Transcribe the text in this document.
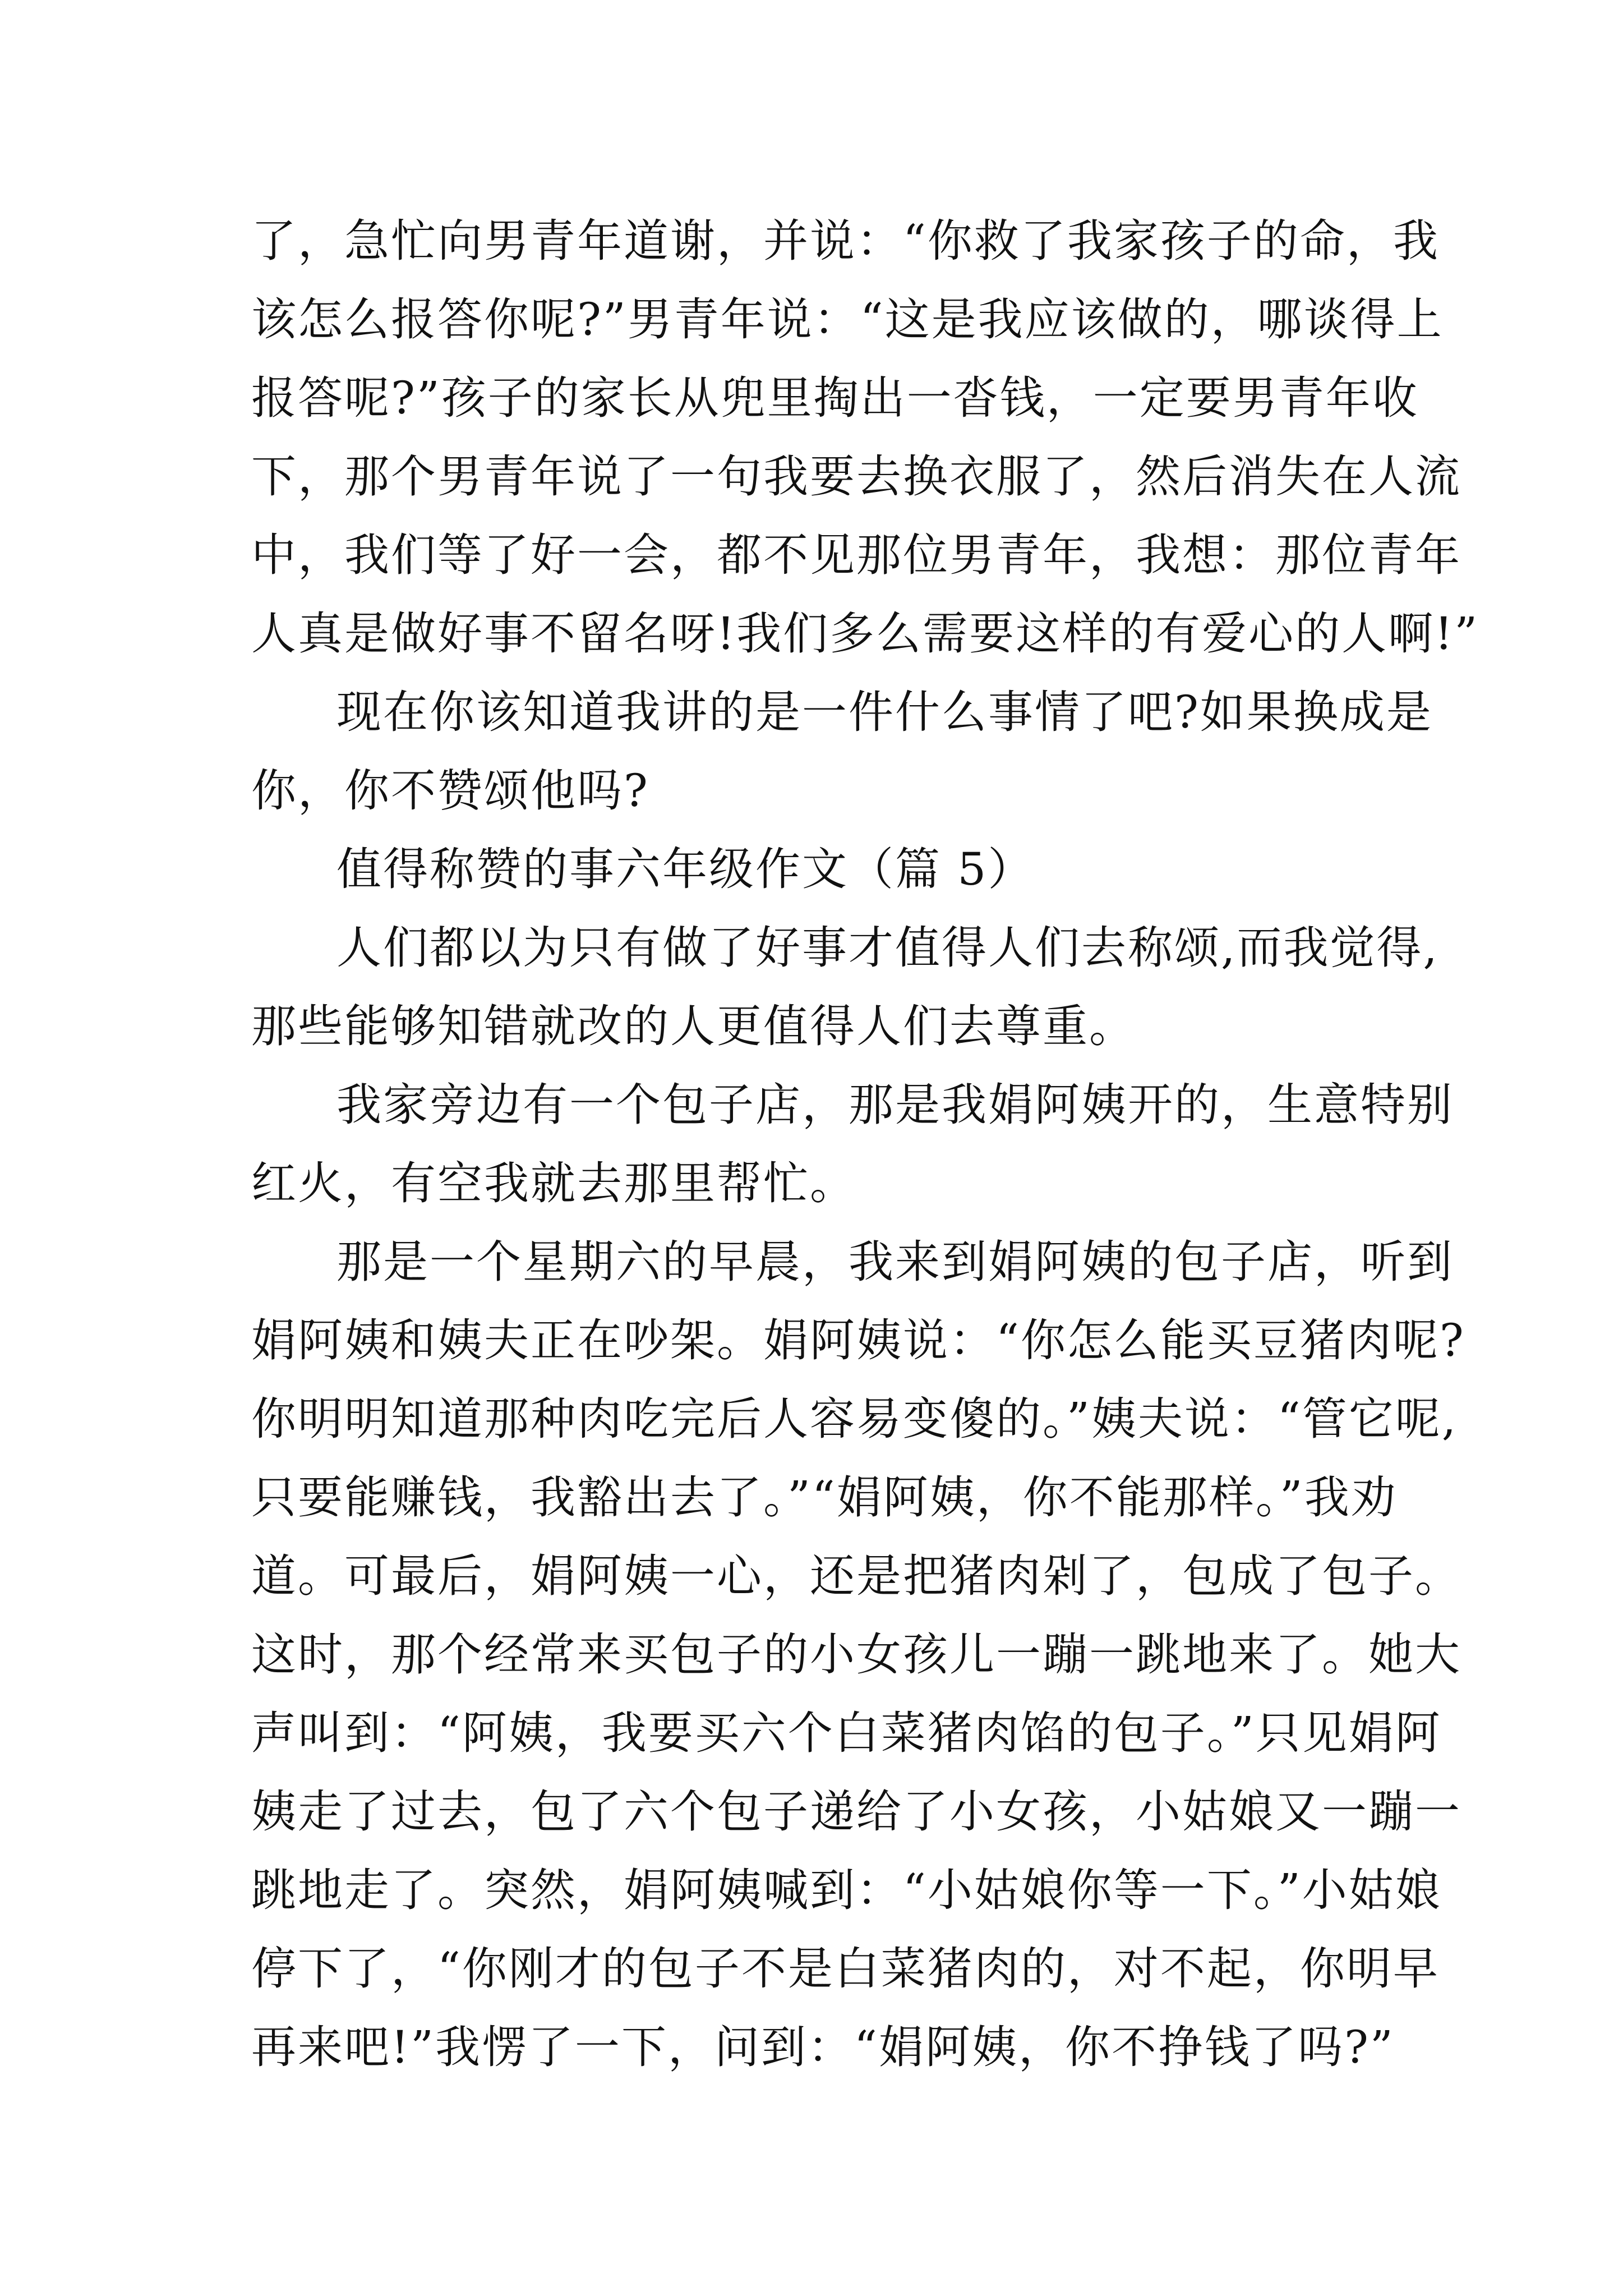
了，急忙向男青年道谢，并说：“你救了我家孩子的命，我
该怎么报答你呢?”男青年说：“这是我应该做的，哪谈得上
报答呢?”孩子的家长从兜里掏出一沓钱，一定要男青年收
下，那个男青年说了一句我要去换衣服了，然后消失在人流
中，我们等了好一会，都不见那位男青年，我想：那位青年
人真是做好事不留名呀!我们多么需要这样的有爱心的人啊!”
现在你该知道我讲的是一件什么事情了吧?如果换成是
你，你不赞颂他吗?
值得称赞的事六年级作文（篇 5）
人们都以为只有做了好事才值得人们去称颂,而我觉得,
那些能够知错就改的人更值得人们去尊重。
我家旁边有一个包子店，那是我娟阿姨开的，生意特别
红火，有空我就去那里帮忙。
那是一个星期六的早晨，我来到娟阿姨的包子店，听到
娟阿姨和姨夫正在吵架。娟阿姨说：“你怎么能买豆猪肉呢?
你明明知道那种肉吃完后人容易变傻的。”姨夫说：“管它呢,
只要能赚钱，我豁出去了。”“娟阿姨，你不能那样。”我劝
道。可最后，娟阿姨一心，还是把猪肉剁了，包成了包子。
这时，那个经常来买包子的小女孩儿一蹦一跳地来了。她大
声叫到：“阿姨，我要买六个白菜猪肉馅的包子。”只见娟阿
姨走了过去，包了六个包子递给了小女孩，小姑娘又一蹦一
跳地走了。突然，娟阿姨喊到：“小姑娘你等一下。”小姑娘
停下了，“你刚才的包子不是白菜猪肉的，对不起，你明早
再来吧!”我愣了一下，问到：“娟阿姨，你不挣钱了吗?”
